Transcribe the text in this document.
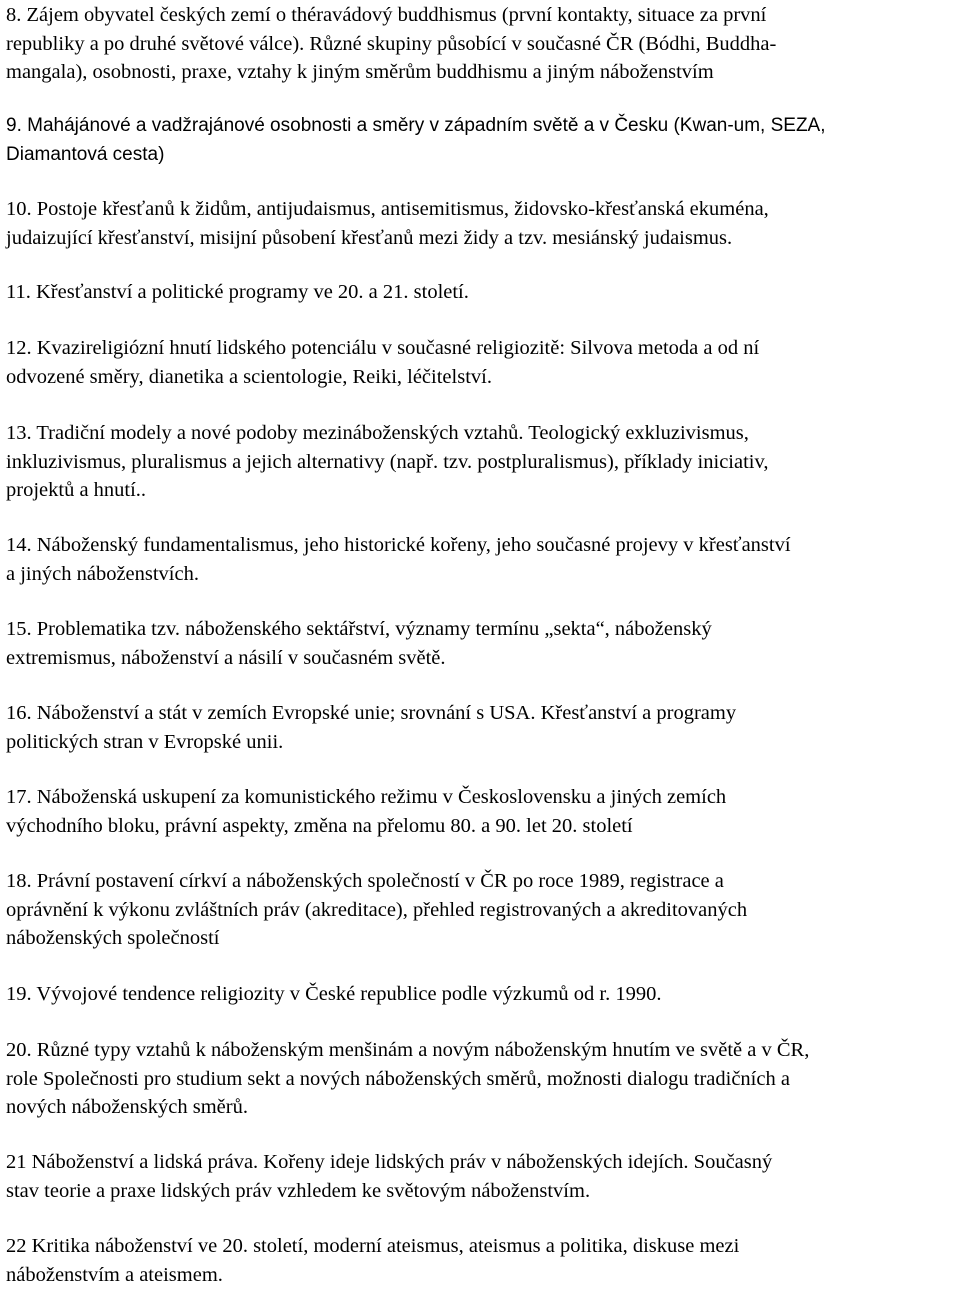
8. Zájem obyvatel českých zemí o théravádový buddhismus (první kontakty, situace za první
republiky a po druhé světové válce). Různé skupiny působící v současné ČR (Bódhi, Buddha-
mangala), osobnosti, praxe, vztahy k jiným směrům buddhismu a jiným náboženstvím

9. Mahájánové a vadžrajánové osobnosti a směry v západním světě a v Česku (Kwan-um, SEZA,
Diamantová cesta)

10. Postoje křesťanů k židům, antijudaismus, antisemitismus, židovsko-křesťanská ekuména,
judaizující křesťanství, misijní působení křesťanů mezi židy a tzv. mesiánský judaismus.

11. Křesťanství a politické programy ve 20. a 21. století.

12. Kvazireligiózní hnutí lidského potenciálu v současné religiozitě: Silvova metoda a od ní
odvozené směry, dianetika a scientologie, Reiki, léčitelství.

13. Tradiční modely a nové podoby mezináboženských vztahů. Teologický exkluzivismus,
inkluzivismus, pluralismus a jejich alternativy (např. tzv. postpluralismus), příklady iniciativ,
projektů a hnutí..

14. Náboženský fundamentalismus, jeho historické kořeny, jeho současné projevy v křesťanství
a jiných náboženstvích.

15. Problematika tzv. náboženského sektářství, významy termínu „sekta“, náboženský
extremismus, náboženství a násilí v současném světě.

16. Náboženství a stát v zemích Evropské unie; srovnání s USA. Křesťanství a programy
politických stran v Evropské unii.

17. Náboženská uskupení za komunistického režimu v Československu a jiných zemích
východního bloku, právní aspekty, změna na přelomu 80. a 90. let 20. století

18. Právní postavení církví a náboženských společností v ČR po roce 1989, registrace a
oprávnění k výkonu zvláštních práv (akreditace), přehled registrovaných a akreditovaných
náboženských společností

19. Vývojové tendence religiozity v České republice podle výzkumů od r. 1990.

20. Různé typy vztahů k náboženským menšinám a novým náboženským hnutím ve světě a v ČR,
role Společnosti pro studium sekt a nových náboženských směrů, možnosti dialogu tradičních a
nových náboženských směrů.

21 Náboženství a lidská práva. Kořeny ideje lidských práv v náboženských idejích. Současný
stav teorie a praxe lidských práv vzhledem ke světovým náboženstvím.

22 Kritika náboženství ve 20. století, moderní ateismus, ateismus a politika, diskuse mezi
náboženstvím a ateismem.
